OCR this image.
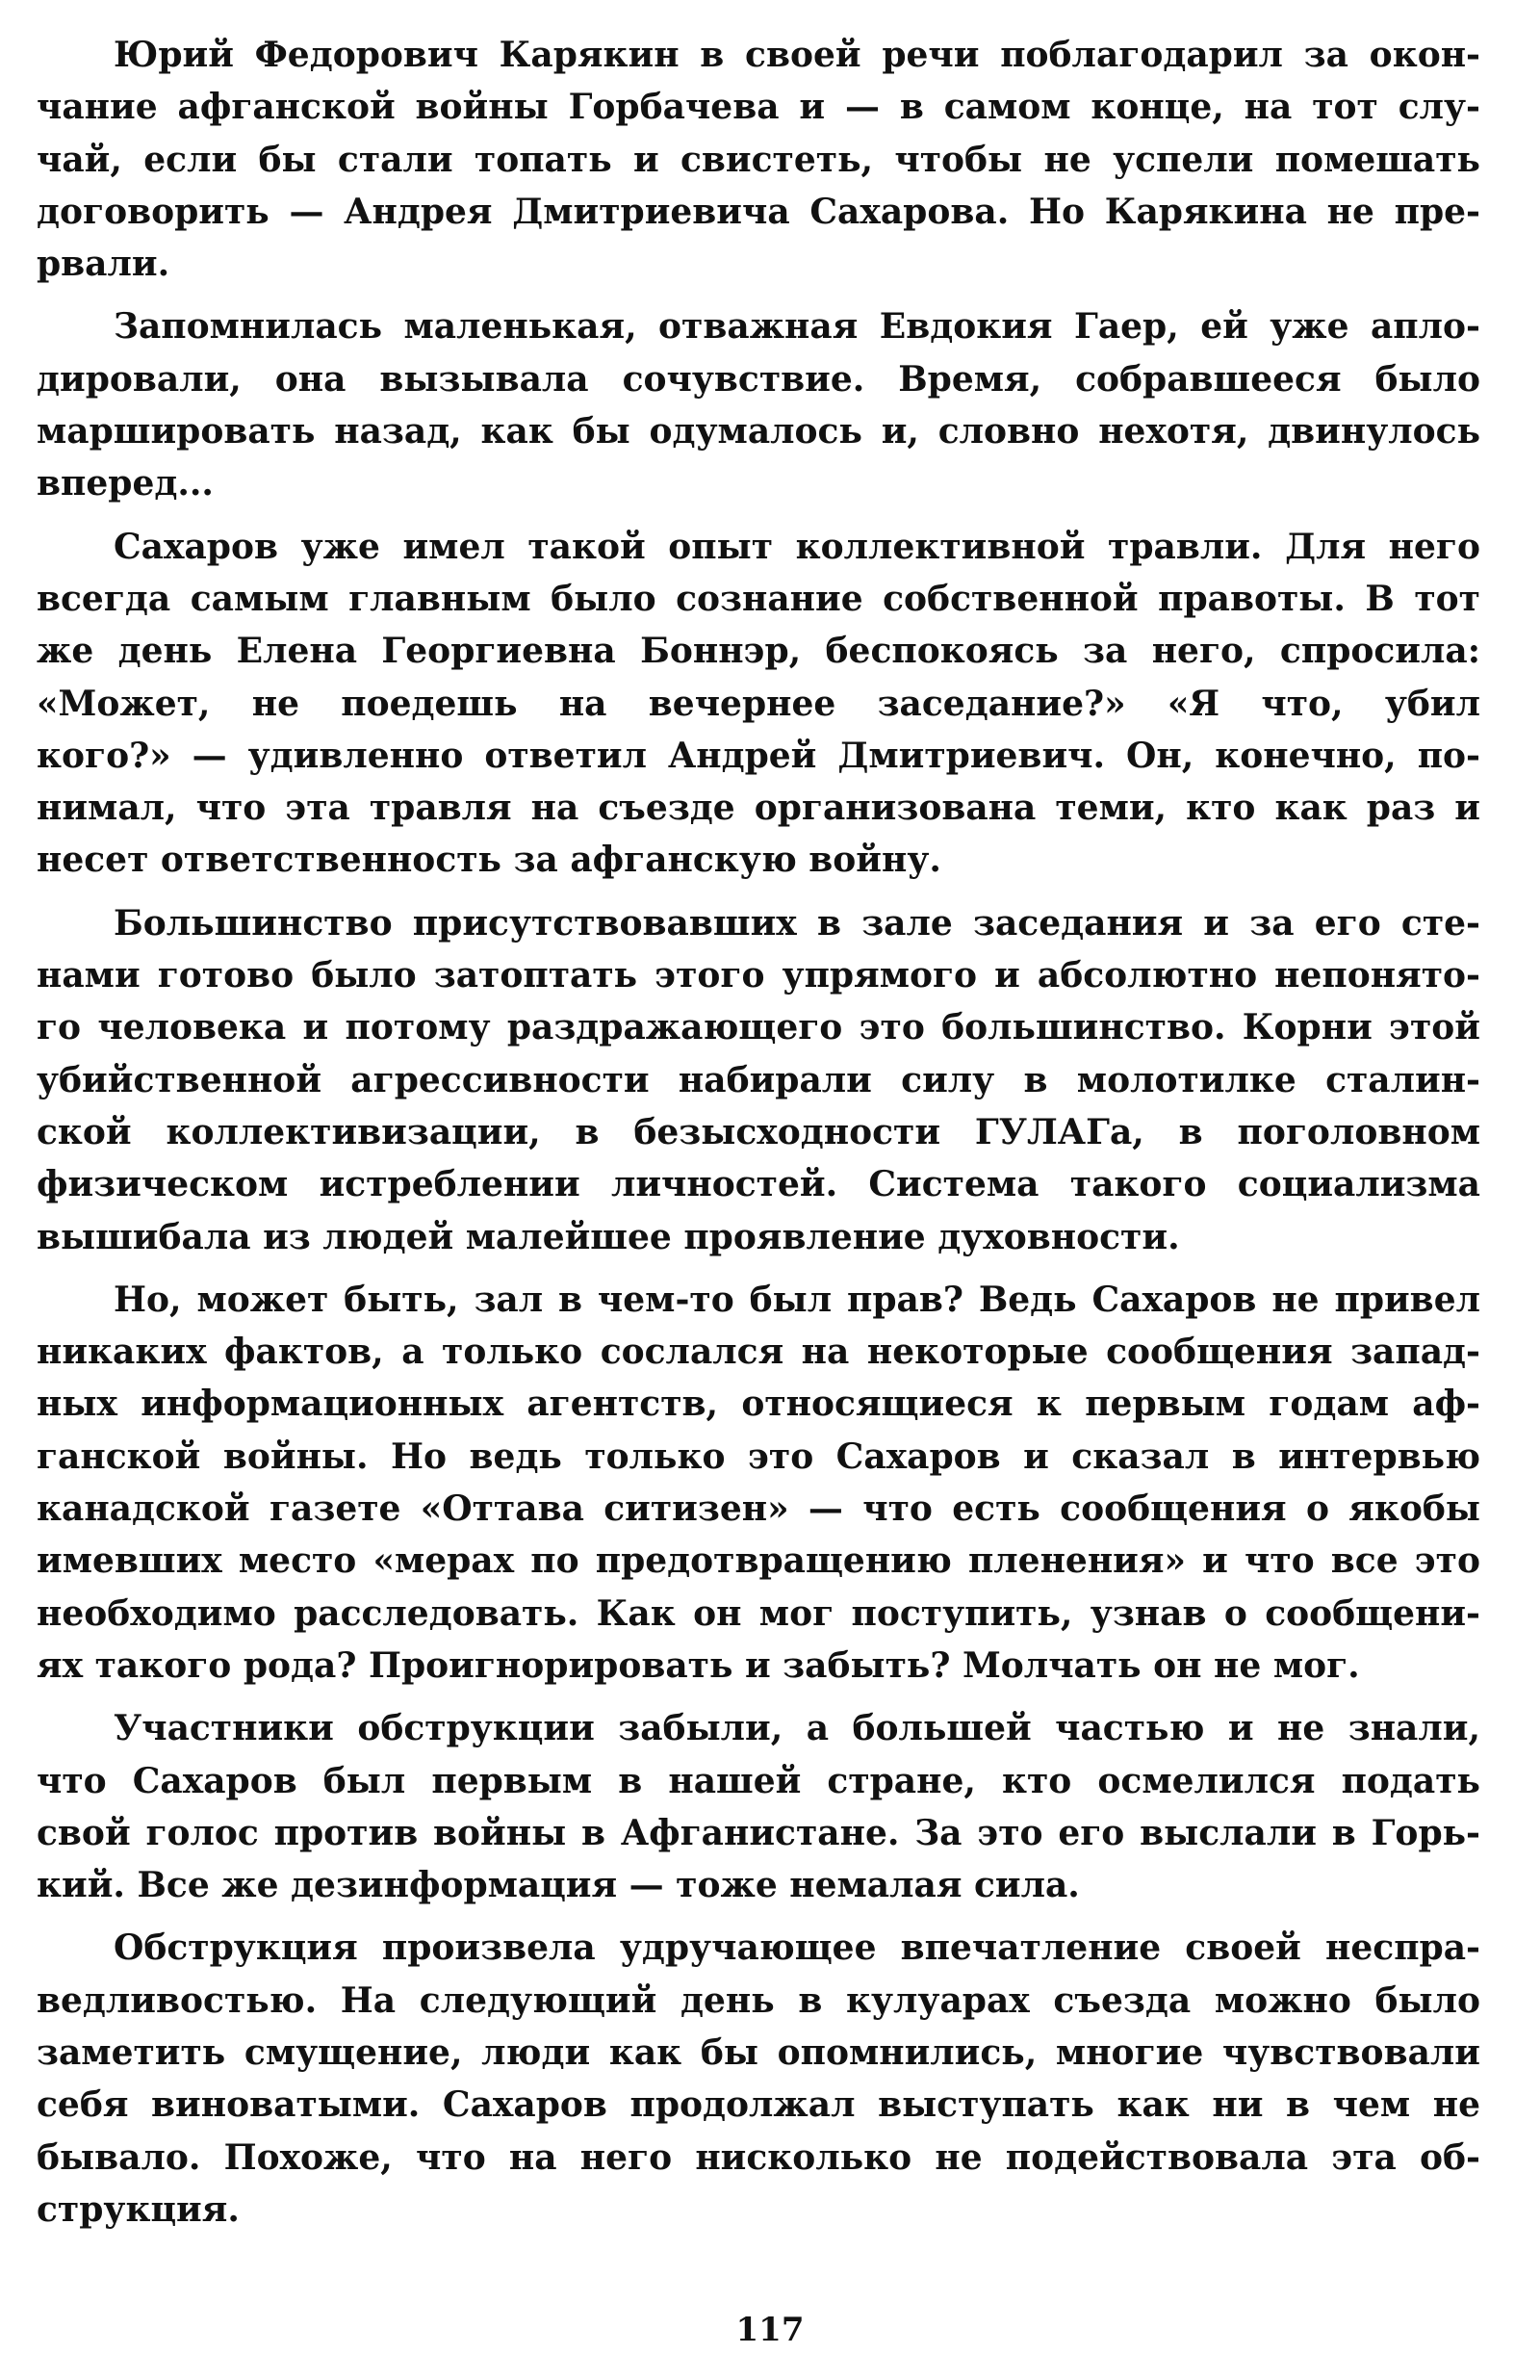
Юрий Федорович Карякин в своей речи поблагодарил за окон-
чание афганской войны Горбачева и — в самом конце, на тот слу-
чай, если бы стали топать и свистеть, чтобы не успели помешать
договорить — Андрея Дмитриевича Сахарова. Но Карякина не пре-
рвали.

Запомнилась маленькая, отважная Евдокия Гаер, ей уже апло-
дировали, она вызывала сочувствие. Время, собравшееся было
маршировать назад, как бы одумалось и, словно нехотя, двинулось
вперед...

Сахаров уже имел такой опыт коллективной травли. Для него
всегда самым главным было сознание собственной правоты. В тот
же день Елена Георгиевна Боннэр, беспокоясь за него, спросила:
«Может, не поедешь на вечернее заседание?» «Я что, убил
кого?» — удивленно ответил Андрей Дмитриевич. Он, конечно, по-
нимал, что эта травля на съезде организована теми, кто как раз и
несет ответственность за афганскую войну.

Большинство присутствовавших в зале заседания и за его сте-
нами готово было затоптать этого упрямого и абсолютно непонято-
го человека и потому раздражающего это большинство. Корни этой
убийственной агрессивности набирали силу в молотилке сталин-
ской коллективизации, в безысходности ГУЛАГа, в поголовном
физическом истреблении личностей. Система такого социализма
вышибала из людей малейшее проявление духовности.

Но, может быть, зал в чем-то был прав? Ведь Сахаров не привел
никаких фактов, а только сослался на некоторые сообщения запад-
ных информационных агентств, относящиеся к первым годам аф-
ганской войны. Но ведь только это Сахаров и сказал в интервью
канадской газете «Оттава ситизен» — что есть сообщения о якобы
имевших место «мерах по предотвращению пленения» и что все это
необходимо расследовать. Как он мог поступить, узнав о сообщени-
ях такого рода? Проигнорировать и забыть? Молчать он не мог.

Участники обструкции забыли, а большей частью и не знали,
что Сахаров был первым в нашей стране, кто осмелился подать
свой голос против войны в Афганистане. За это его выслали в Горь-
кий. Все же дезинформация — тоже немалая сила.

Обструкция произвела удручающее впечатление своей неспра-
ведливостью. На следующий день в кулуарах съезда можно было
заметить смущение, люди как бы опомнились, многие чувствовали
себя виноватыми. Сахаров продолжал выступать как ни в чем не
бывало. Похоже, что на него нисколько не подействовала эта об-
струкция.

117
